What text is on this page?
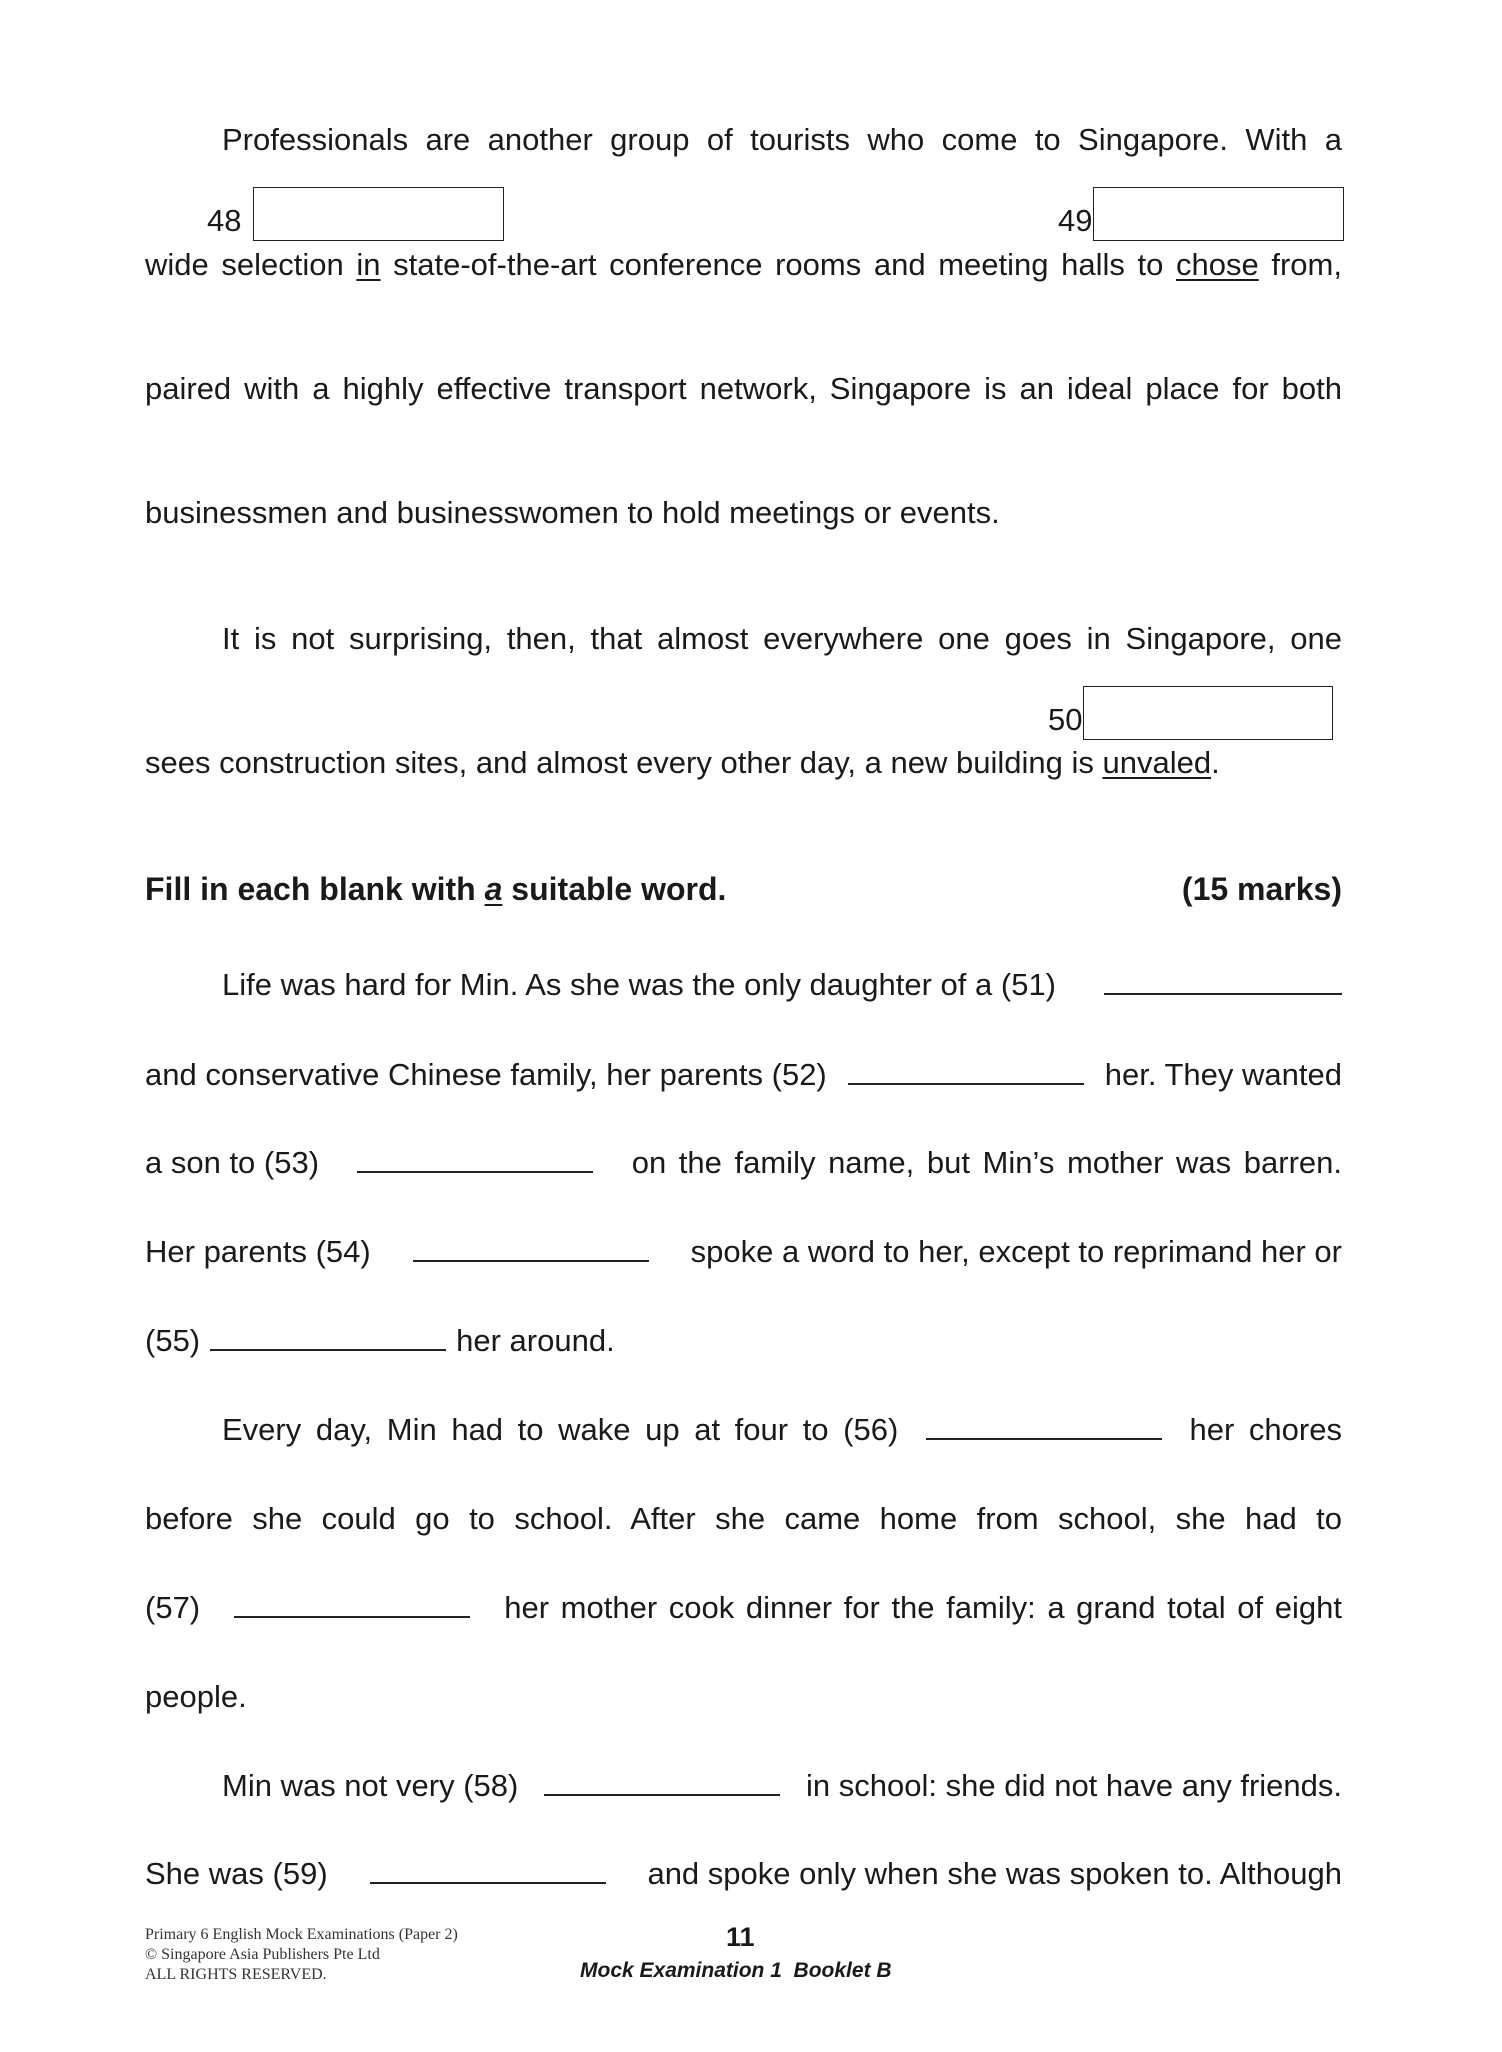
Professionals are another group of tourists who come to Singapore. With a
48	49
wide selection in state-of-the-art conference rooms and meeting halls to chose from,
paired with a highly effective transport network, Singapore is an ideal place for both
businessmen and businesswomen to hold meetings or events.
It is not surprising, then, that almost everywhere one goes in Singapore, one
50
sees construction sites, and almost every other day, a new building is unvaled.
Fill in each blank with a suitable word.	(15 marks)
Life was hard for Min. As she was the only daughter of a (51)
and conservative Chinese family, her parents (52)	her. They wanted
a son to (53)	on the family name, but Min’s mother was barren.
Her parents (54)	spoke a word to her, except to reprimand her or
(55)	her around.
Every day, Min had to wake up at four to (56)	her chores
before she could go to school. After she came home from school, she had to
(57)	her mother cook dinner for the family: a grand total of eight
people.
Min was not very (58)	in school: she did not have any friends.
She was (59)	and spoke only when she was spoken to. Although
Primary 6 English Mock Examinations (Paper 2)
© Singapore Asia Publishers Pte Ltd
ALL RIGHTS RESERVED.
11
Mock Examination 1  Booklet B
